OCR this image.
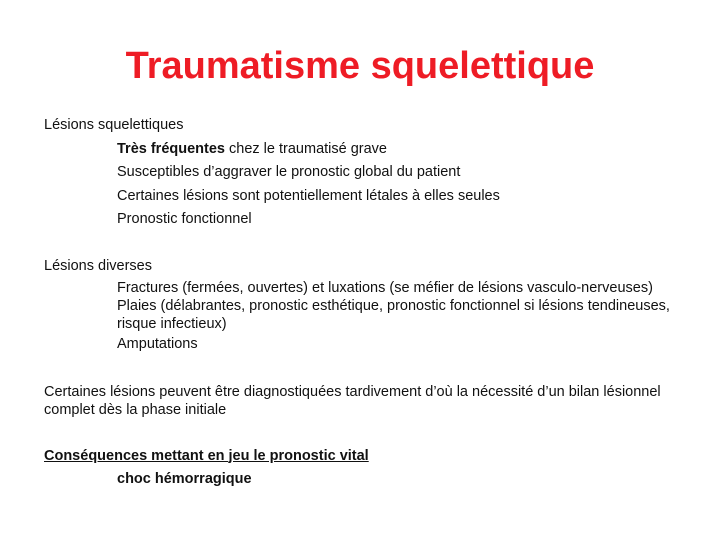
Traumatisme squelettique
Lésions squelettiques
Très fréquentes chez le traumatisé grave
Susceptibles d’aggraver le pronostic global du patient
Certaines lésions sont potentiellement létales à elles seules
Pronostic fonctionnel
Lésions diverses
Fractures (fermées, ouvertes) et luxations (se méfier de lésions vasculo-nerveuses)
Plaies (délabrantes, pronostic esthétique, pronostic fonctionnel si lésions tendineuses, risque infectieux)
Amputations
Certaines lésions peuvent être diagnostiquées tardivement d’où la nécessité d’un bilan lésionnel complet dès la phase initiale
Conséquences mettant en jeu le pronostic vital
choc hémorragique
